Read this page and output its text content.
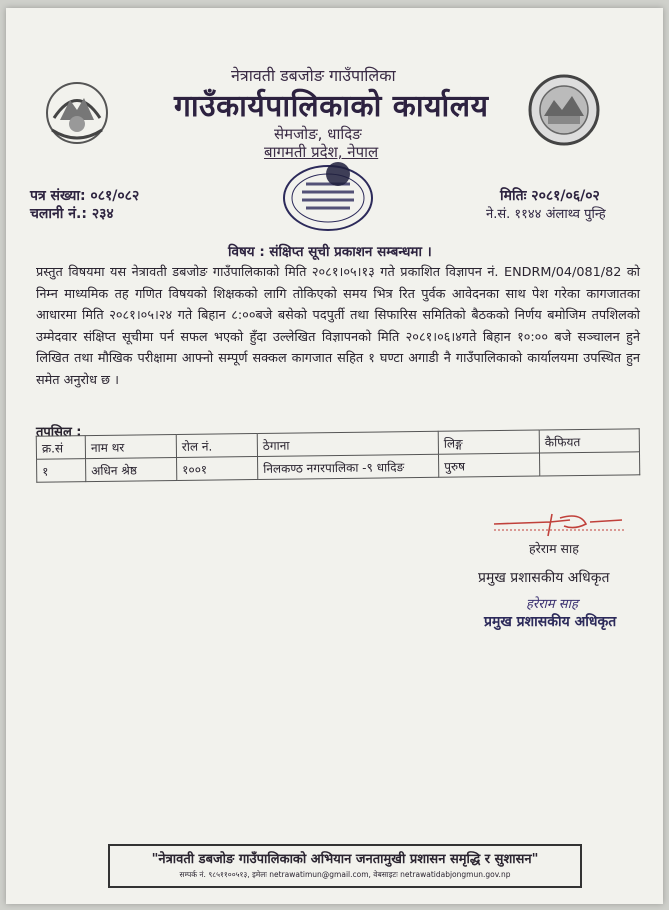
नेत्रावती डबजोङ गाउँपालिका
गाउँकार्यपालिकाको कार्यालय
सेमजोङ, धादिङ
बागमती प्रदेश, नेपाल
पत्र संख्या: ०८१/०८२
चलानी नं.: २३४
मितिः २०८१/०६/०२
ने.सं. ११४४ अंलाथ्व पुन्हि
विषय : संक्षिप्त सूची प्रकाशन सम्बन्धमा ।
प्रस्तुत विषयमा यस नेत्रावती डबजोङ गाउँपालिकाको मिति २०८१।०५।१३ गते प्रकाशित विज्ञापन नं. ENDRM/04/081/82 को निम्न माध्यमिक तह गणित विषयको शिक्षकको लागि तोकिएको समय भित्र रित पुर्वक आवेदनका साथ पेश गरेका कागजातका आधारमा मिति २०८१।०५।२४ गते बिहान ८:००बजे बसेको पदपुर्ती तथा सिफारिस समितिको बैठकको निर्णय बमोजिम तपशिलको उम्मेदवार संक्षिप्त सूचीमा पर्न सफल भएको हुँदा उल्लेखित विज्ञापनको मिति २०८१।०६।४गते बिहान १०:०० बजे सञ्चालन हुने लिखित तथा मौखिक परीक्षामा आफ्नो सम्पूर्ण सक्कल कागजात सहित १ घण्टा अगाडी नै गाउँपालिकाको कार्यालयमा उपस्थित हुन समेत अनुरोध छ ।
तपसिल :
क्र.सं	नाम थर	रोल नं.	ठेगाना	लिङ्ग	कैफियत
१	अधिन श्रेष्ठ	१००१	निलकण्ठ नगरपालिका -९ धादिङ	पुरुष	
हरेराम साह
प्रमुख प्रशासकीय अधिकृत
हरेराम साह
प्रमुख प्रशासकीय अधिकृत
"नेत्रावती डबजोङ गाउँपालिकाको अभियान जनतामुखी प्रशासन समृद्धि र सुशासन"
सम्पर्क नं. ९८५११००५१३, इमेलः netrawatimun@gmail.com, वेबसाइटः netrawatidabjongmun.gov.np
